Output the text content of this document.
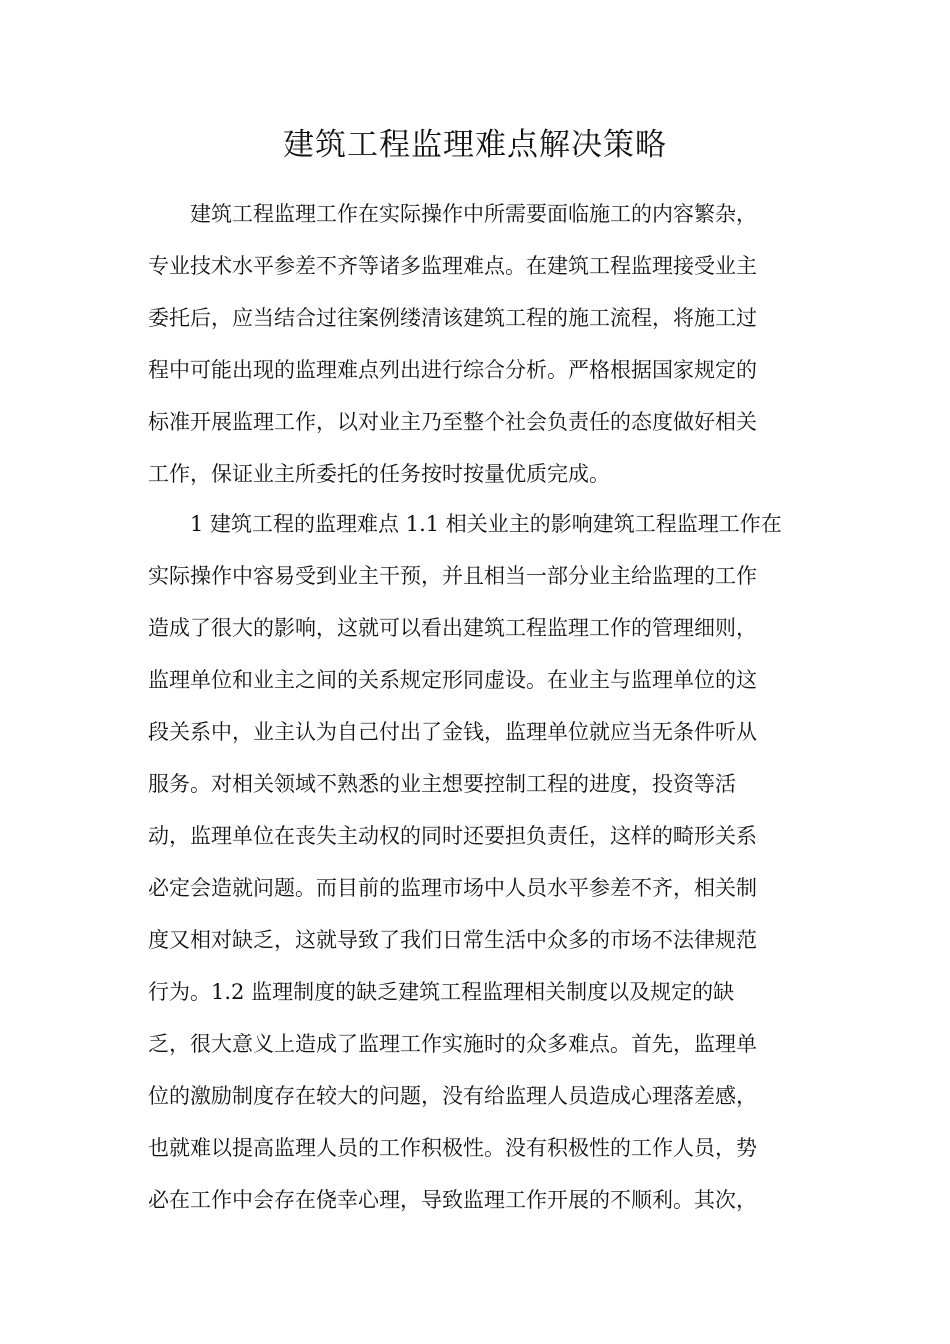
建筑工程监理难点解决策略
建筑工程监理工作在实际操作中所需要面临施工的内容繁杂，
专业技术水平参差不齐等诸多监理难点。在建筑工程监理接受业主
委托后，应当结合过往案例缕清该建筑工程的施工流程，将施工过
程中可能出现的监理难点列出进行综合分析。严格根据国家规定的
标准开展监理工作，以对业主乃至整个社会负责任的态度做好相关
工作，保证业主所委托的任务按时按量优质完成。
1 建筑工程的监理难点 1.1 相关业主的影响建筑工程监理工作在
实际操作中容易受到业主干预，并且相当一部分业主给监理的工作
造成了很大的影响，这就可以看出建筑工程监理工作的管理细则，
监理单位和业主之间的关系规定形同虚设。在业主与监理单位的这
段关系中，业主认为自己付出了金钱，监理单位就应当无条件听从
服务。对相关领域不熟悉的业主想要控制工程的进度，投资等活
动，监理单位在丧失主动权的同时还要担负责任，这样的畸形关系
必定会造就问题。而目前的监理市场中人员水平参差不齐，相关制
度又相对缺乏，这就导致了我们日常生活中众多的市场不法律规范
行为。1.2 监理制度的缺乏建筑工程监理相关制度以及规定的缺
乏，很大意义上造成了监理工作实施时的众多难点。首先，监理单
位的激励制度存在较大的问题，没有给监理人员造成心理落差感，
也就难以提高监理人员的工作积极性。没有积极性的工作人员，势
必在工作中会存在侥幸心理，导致监理工作开展的不顺利。其次，
